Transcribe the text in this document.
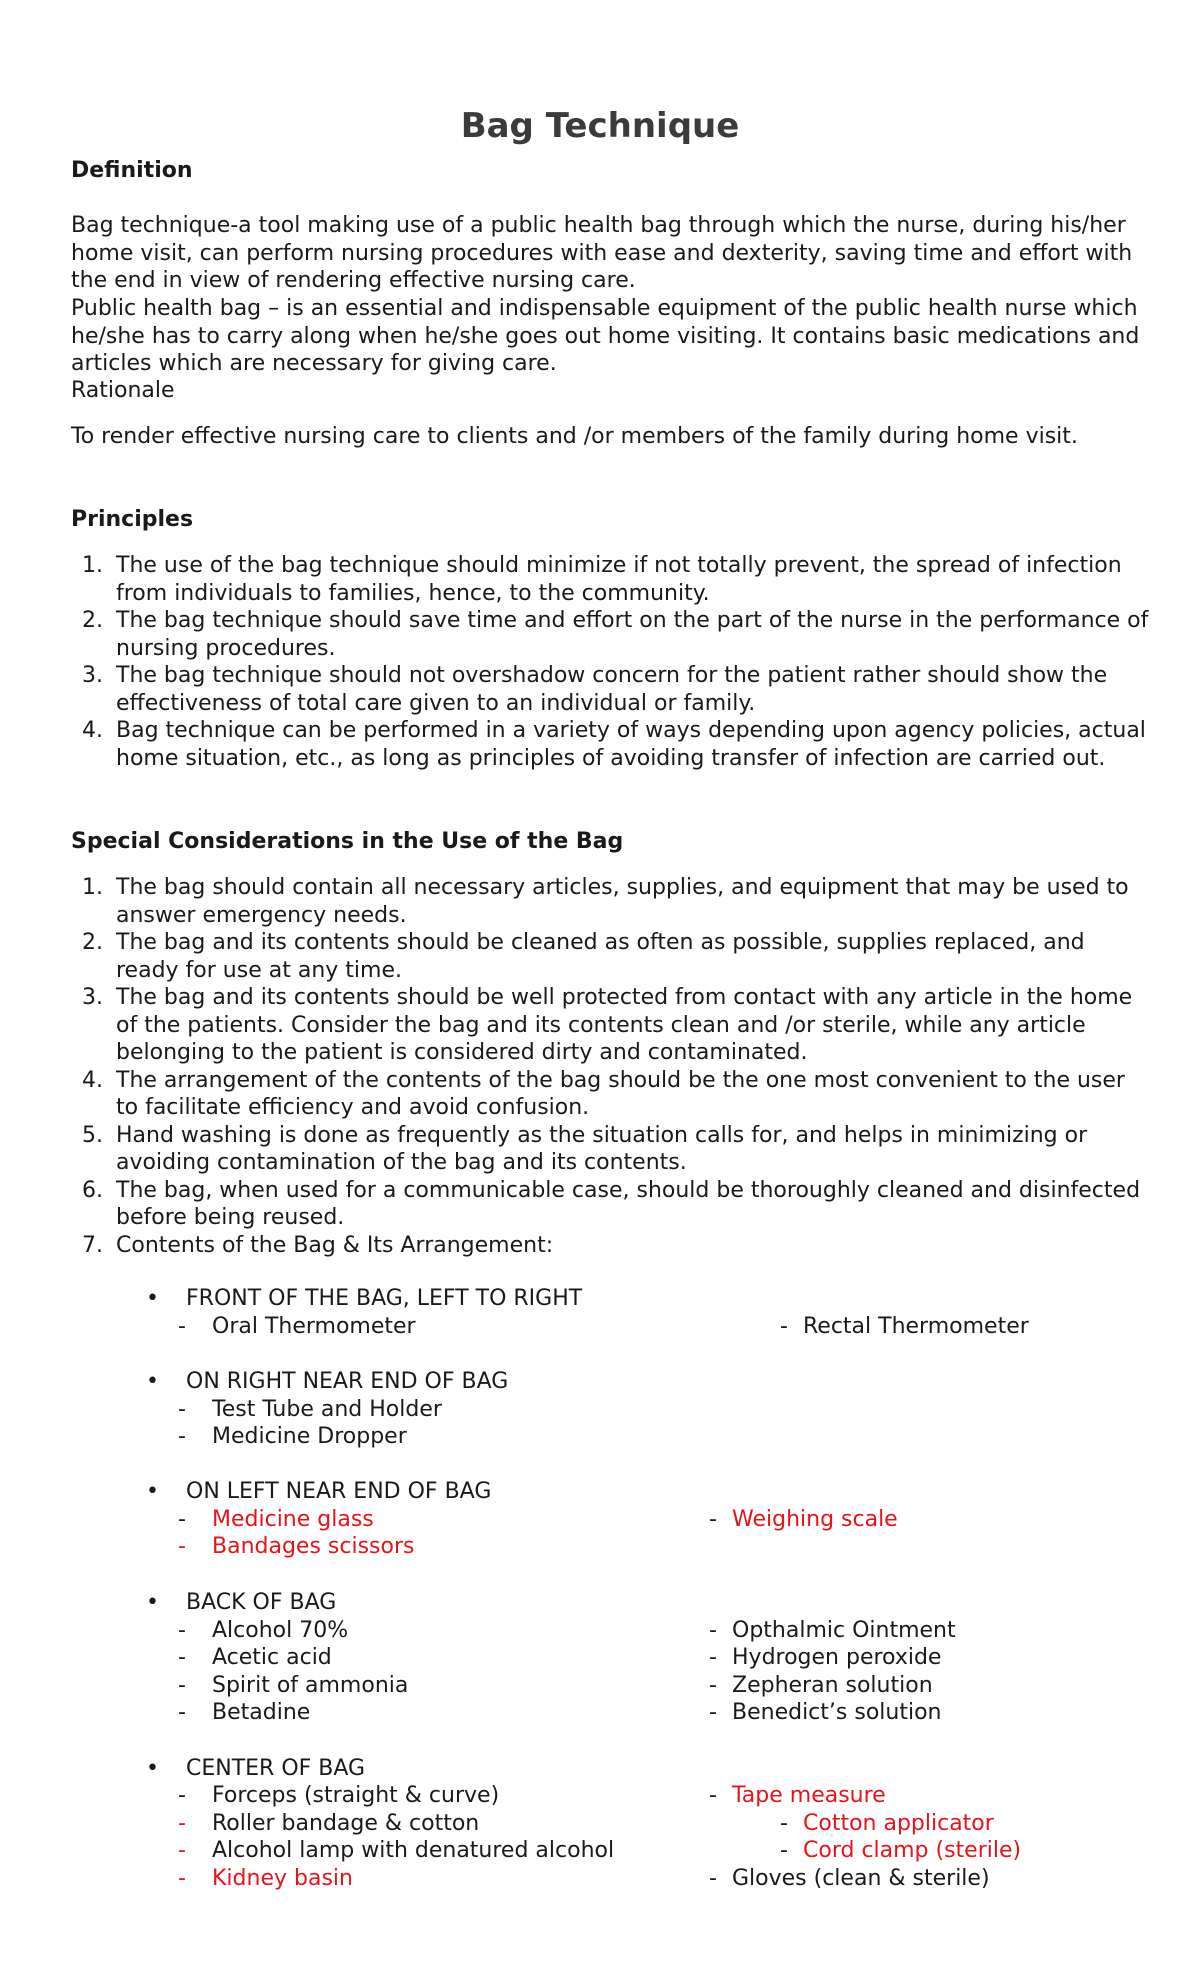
Bag Technique
Definition
Bag technique-a tool making use of a public health bag through which the nurse, during his/her home visit, can perform nursing procedures with ease and dexterity, saving time and effort with the end in view of rendering effective nursing care.
Public health bag – is an essential and indispensable equipment of the public health nurse which he/she has to carry along when he/she goes out home visiting. It contains basic medications and articles which are necessary for giving care.
Rationale
To render effective nursing care to clients and /or members of the family during home visit.
Principles
1. The use of the bag technique should minimize if not totally prevent, the spread of infection from individuals to families, hence, to the community.
2. The bag technique should save time and effort on the part of the nurse in the performance of nursing procedures.
3. The bag technique should not overshadow concern for the patient rather should show the effectiveness of total care given to an individual or family.
4. Bag technique can be performed in a variety of ways depending upon agency policies, actual home situation, etc., as long as principles of avoiding transfer of infection are carried out.
Special Considerations in the Use of the Bag
1. The bag should contain all necessary articles, supplies, and equipment that may be used to answer emergency needs.
2. The bag and its contents should be cleaned as often as possible, supplies replaced, and ready for use at any time.
3. The bag and its contents should be well protected from contact with any article in the home of the patients. Consider the bag and its contents clean and /or sterile, while any article belonging to the patient is considered dirty and contaminated.
4. The arrangement of the contents of the bag should be the one most convenient to the user to facilitate efficiency and avoid confusion.
5. Hand washing is done as frequently as the situation calls for, and helps in minimizing or avoiding contamination of the bag and its contents.
6. The bag, when used for a communicable case, should be thoroughly cleaned and disinfected before being reused.
7. Contents of the Bag & Its Arrangement:
• FRONT OF THE BAG, LEFT TO RIGHT
- Oral Thermometer	- Rectal Thermometer
• ON RIGHT NEAR END OF BAG
- Test Tube and Holder
- Medicine Dropper
• ON LEFT NEAR END OF BAG
- Medicine glass
- Bandages scissors
- Weighing scale
• BACK OF BAG
- Alcohol 70%
- Acetic acid
- Spirit of ammonia
- Betadine
- Opthalmic Ointment
- Hydrogen peroxide
- Zepheran solution
- Benedict’s solution
• CENTER OF BAG
- Forceps (straight & curve)
- Roller bandage & cotton
- Alcohol lamp with denatured alcohol
- Kidney basin
- Tape measure
- Cotton applicator
- Cord clamp (sterile)
- Gloves (clean & sterile)
